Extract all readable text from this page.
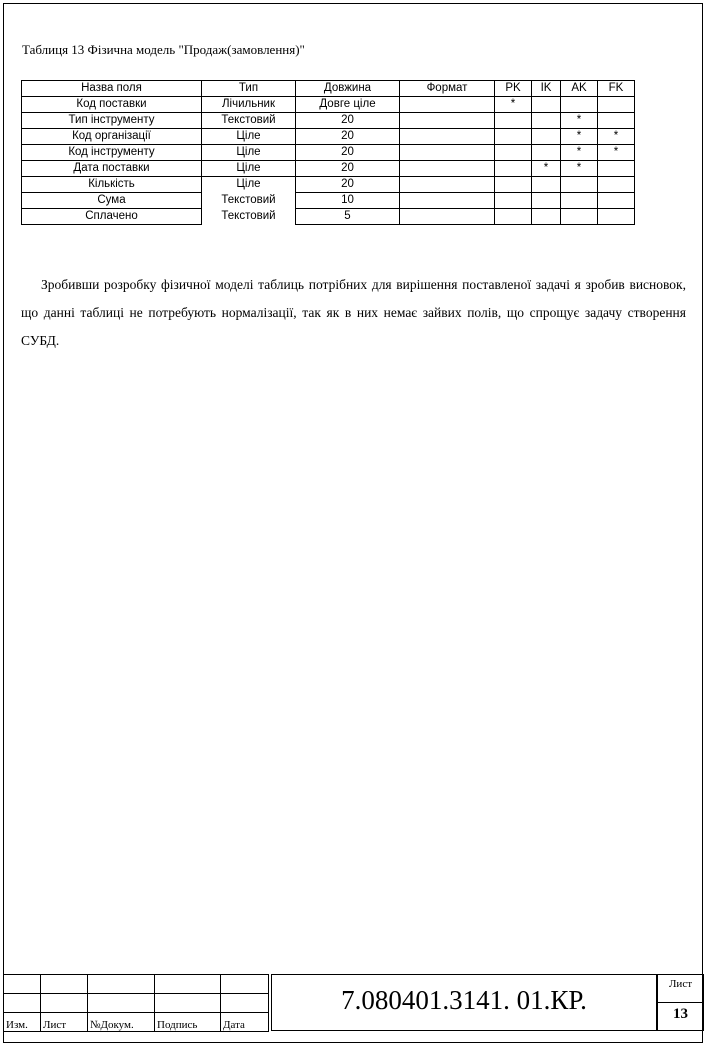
Таблиця 13 Фізична модель "Продаж(замовлення)"
Назва поля	Тип	Довжина	Формат	PK	IK	AK	FK
Код поставки	Лічильник	Довге ціле		*			
Тип інструменту	Текстовий	20				*	
Код організації	Ціле	20				*	*
Код інструменту	Ціле	20				*	*
Дата поставки	Ціле	20			*	*	
Кількість	Ціле	20					
Сума	Текстовий	10					
Сплачено	Текстовий	5					

Зробивши розробку фізичної моделі таблиць потрібних для вирішення поставленої задачі я зробив висновок, що данні таблиці не потребують нормалізації, так як в них немає зайвих полів, що спрощує задачу створення СУБД.

Изм.	Лист	№Докум.	Подпись	Дата
7.080401.3141. 01.КР.
Лист
13
